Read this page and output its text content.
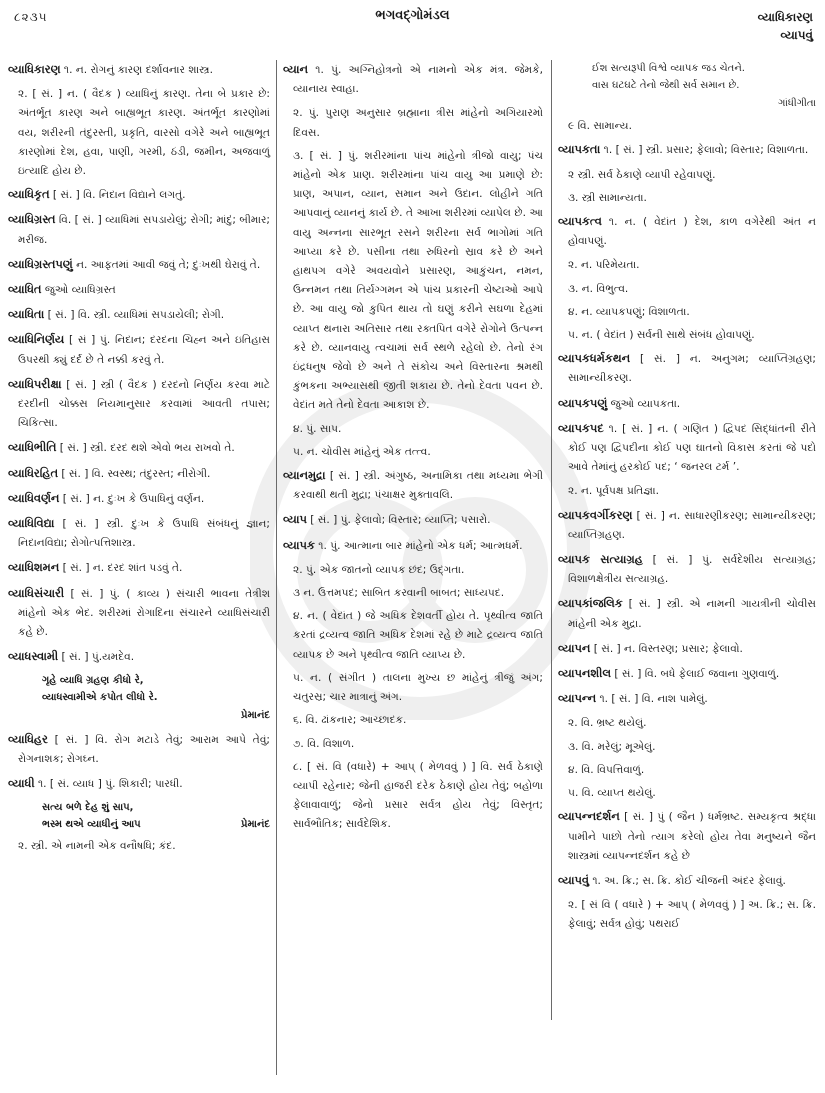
૮૨૩૫	ભગવદ્ગોમંડલ	વ્યાધિકારણ
વ્યાપવું

વ્યાધિકારણ ૧. ન. રોગનું કારણ દર્શાવનાર શાસ્ત્ર.

૨. [ સં. ] ન. ( વૈદક ) વ્યાધિનું કારણ. તેના બે પ્રકાર છે: અંતર્ભૂત કારણ અને બાહ્યભૂત કારણ. અંતર્ભૂત કારણોમાં વય, શરીરની તંદુરસ્તી, પ્રકૃતિ, વારસો વગેરે અને બાહ્યભૂત કારણોમાં દેશ, હવા, પાણી, ગરમી, ઠંડી, જમીન, અજવાળું ઇત્યાદિ હોય છે.

વ્યાધિકૃત [ સં. ] વિ. નિદાન વિદ્યાને લગતું.

વ્યાધિગ્રસ્ત વિ. [ સં. ] વ્યાધિમાં સપડાયેલું; રોગી; માંદું; બીમાર; મરીજ.

વ્યાધિગ્રસ્તપણું ન. આફતમાં આવી જવું તે; દુઃખથી ઘેરાવું તે.

વ્યાધિત જુઓ વ્યાધિગ્રસ્ત

વ્યાધિતા [ સં. ] વિ. સ્ત્રી. વ્યાધિમાં સપડાયેલી; રોગી.

વ્યાધિનિર્ણય [ સં ] પું. નિદાન; દરદના ચિહ્ન અને ઇતિહાસ ઉપરથી ક્યું દર્દ છે તે નક્કી કરવું તે.

વ્યાધિપરીક્ષા [ સં. ] સ્ત્રી ( વૈદક ) દરદનો નિર્ણય કરવા માટે દરદીની ચોક્કસ નિયમાનુસાર કરવામાં આવતી તપાસ; ચિકિત્સા.

વ્યાધિભીતિ [ સં. ] સ્ત્રી. દરદ થશે એવો ભય રાખવો તે.

વ્યાધિરહિત [ સં. ] વિ. સ્વસ્થ; તંદુરસ્ત; નીરોગી.

વ્યાધિવર્ણન [ સં. ] ન. દુઃખ કે ઉપાધિનું વર્ણન.

વ્યાધિવિદ્યા [ સં. ] સ્ત્રી. દુઃખ કે ઉપાધિ સંબંધનું જ્ઞાન; નિદાનવિદ્યા; રોગોત્પત્તિશાસ્ત્ર.

વ્યાધિશમન [ સં. ] ન. દરદ શાંત પડવું તે.

વ્યાધિસંચારી [ સં. ] પું. ( કાવ્ય ) સંચારી ભાવના તેત્રીશ માંહેનો એક ભેદ. શરીરમાં રોગાદિના સંચારને વ્યાધિસંચારી કહે છે.

વ્યાધસ્વામી [ સં. ] પું.યમદેવ.

ગૃહે વ્યાધિ ગ્રહણ કીધો રે,

વ્યાધસ્વામીએ કપોત લીધો રે.

પ્રેમાનંદ

વ્યાધિહર [ સં. ] વિ. રોગ મટાડે તેવું; આરામ આપે તેવું; રોગનાશક; રોગઘ્ન.

વ્યાધી ૧. [ સં. વ્યાધ ] પું. શિકારી; પારધી.

સત્ય બળે દેહ શું સાપ,

ભસ્મ થએ વ્યાધીનું આપ	પ્રેમાનંદ

૨. સ્ત્રી. એ નામની એક વનૌષધિ; કંદ.

વ્યાન ૧. પું. અગ્નિહોત્રનો એ નામનો એક મંત્ર. જેમકે, વ્યાનાય સ્વાહા.

૨. પું. પુરાણ અનુસાર બ્રહ્માના ત્રીસ માંહેનો અગિયારમો દિવસ.

૩. [ સં. ] પું. શરીરમાંના પાંચ માંહેનો ત્રીજો વાયુ; પંચ માંહેનો એક પ્રાણ. શરીરમાંના પાંચ વાયુ આ પ્રમાણે છે: પ્રાણ, અપાન, વ્યાન, સમાન અને ઉદાન. લોહીને ગતિ આપવાનું વ્યાનનું કાર્ય છે. તે આખા શરીરમાં વ્યાપેલ છે. આ વાયુ અન્નના સારભૂત રસને શરીરના સર્વ ભાગોમાં ગતિ આપ્યા કરે છે. પસીના તથા રુધિરનો સ્રાવ કરે છે અને હાથપગ વગેરે અવયવોને પ્રસારણ, આકુંચન, નમન, ઉન્નમન તથા તિર્યગ્ગમન એ પાંચ પ્રકારની ચેષ્ટાઓ આપે છે. આ વાયુ જો કુપિત થાય તો ઘણું કરીને સઘળા દેહમાં વ્યાપ્ત થનારા અતિસાર તથા રક્તપિત વગેરે રોગોને ઉત્પન્ન કરે છે. વ્યાનવાયુ ત્વચામાં સર્વ સ્થળે રહેલો છે. તેનો રંગ ઇંદ્રધનુષ જેવો છે અને તે સંકોચ અને વિસ્તારના શ્રમથી કુંભકના અભ્યાસથી જીતી શકાય છે. તેનો દેવતા પવન છે. વેદાંત મતે તેનો દેવતા આકાશ છે.

૪. પું. સાપ.

૫. ન. ચોવીસ માંહેનું એક તત્ત્વ.

વ્યાનમુદ્રા [ સં. ] સ્ત્રી. અંગુષ્ઠ, અનામિકા તથા મધ્યમા ભેગી કરવાથી થતી મુદ્રા; પંચાક્ષર મુક્તાવલિ.

વ્યાપ [ સં. ] પું. ફેલાવો; વિસ્તાર; વ્યાપ્તિ; પસારો.

વ્યાપક ૧. પું. આત્માના બાર માંહેનો એક ધર્મ; આત્મધર્મ.

૨. પું. એક જાતનો વ્યાપક છંદ; ઉદ્ગતા.

૩ ન. ઉત્તમપદ; સાબિત કરવાની બાબત; સાધ્યપદ.

૪. ન. ( વેદાંત ) જે અધિક દેશવર્તી હોય તે. પૃથ્વીત્વ જાતિ કરતાં દ્રવ્યત્વ જાતિ અધિક દેશમાં રહે છે માટે દ્રવ્યત્વ જાતિ વ્યાપક છે અને પૃથ્વીત્વ જાતિ વ્યાપ્ય છે.

૫. ન. ( સંગીત ) તાલના મુખ્ય છ માંહેનું ત્રીજું અંગ; ચતુરસ્ર; ચાર માત્રાનું અંગ.

૬. વિ. ઢાંકનાર; આચ્છાદક.

૭. વિ. વિશાળ.

૮. [ સં. વિ (વધારે) + આપ્ ( મેળવવું ) ] વિ. સર્વ ઠેકાણે વ્યાપી રહેનાર; જેની હાજરી દરેક ઠેકાણે હોય તેવું; બહોળા ફેલાવાવાળું; જેનો પ્રસાર સર્વત્ર હોય તેવું; વિસ્તૃત; સાર્વભૌતિક; સાર્વદેશિક.

ઈશ સત્યરૂપી વિશ્વે વ્યાપક જડ ચેતને.

વાસ ઘટઘટે તેનો જેથી સર્વ સમાન છે.

ગાંધીગીતા

૯ વિ. સામાન્ય.

વ્યાપકતા ૧. [ સં. ] સ્ત્રી. પ્રસાર; ફેલાવો; વિસ્તાર; વિશાળતા.

૨ સ્ત્રી. સર્વ ઠેકાણે વ્યાપી રહેવાપણું.

૩. સ્ત્રી સામાન્યતા.

વ્યાપકત્વ ૧. ન. ( વેદાંત ) દેશ, કાળ વગેરેથી અંત ન હોવાપણું.

૨. ન. પરિમેયતા.

૩. ન. વિભુત્વ.

૪. ન. વ્યાપકપણું; વિશાળતા.

૫. ન. ( વેદાંત ) સર્વની સાથે સંબંધ હોવાપણું.

વ્યાપકધર્મકથન [ સં. ] ન. અનુગમ; વ્યાપ્તિગ્રહણ; સામાન્યીકરણ.

વ્યાપકપણું જુઓ વ્યાપકતા.

વ્યાપકપદ ૧. [ સં. ] ન. ( ગણિત ) દ્વિપદ સિદ્ધાંતની રીતે કોઈ પણ દ્વિપદીના કોઈ પણ ઘાતનો વિકાસ કરતાં જે પદો આવે તેમાંનું હરકોઈ પદ; ‘ જનરલ ટર્મ ’.

૨. ન. પૂર્વપક્ષ પ્રતિજ્ઞા.

વ્યાપકવર્ગીકરણ [ સં. ] ન. સાધારણીકરણ; સામાન્યીકરણ; વ્યાપ્તિગ્રહણ.

વ્યાપક સત્યાગ્રહ [ સં. ] પું. સર્વદેશીય સત્યાગ્રહ; વિશાળક્ષેત્રીય સત્યાગ્રહ.

વ્યાપકાંજલિક [ સં. ] સ્ત્રી. એ નામની ગાયત્રીની ચોવીસ માંહેની એક મુદ્રા.

વ્યાપન [ સં. ] ન. વિસ્તરણ; પ્રસાર; ફેલાવો.

વ્યાપનશીલ [ સં. ] વિ. બધે ફેલાઈ જવાના ગુણવાળું.

વ્યાપન્ન ૧. [ સં. ] વિ. નાશ પામેલું.

૨. વિ. ભ્રષ્ટ થયેલું.

૩. વિ. મરેલું; મૂએલું.

૪. વિ. વિપત્તિવાળું.

૫. વિ. વ્યાપ્ત થયેલું.

વ્યાપન્નદર્શન [ સં. ] પું ( જૈન ) ધર્મભ્રષ્ટ. સમ્યકૃત્વ શ્રદ્ધા પામીને પાછો તેનો ત્યાગ કરેલો હોય તેવા મનુષ્યને જૈન શાસ્ત્રમાં વ્યાપન્નદર્શન કહે છે

વ્યાપવું ૧. અ. ક્રિ.; સ. ક્રિ. કોઈ ચીજની અંદર ફેલાવું.

૨. [ સં વિ ( વધારે ) + આપ્ ( મેળવવું ) ] અ. ક્રિ.; સ. ક્રિ. ફેલાવું; સર્વત્ર હોવું; પથરાઈ
